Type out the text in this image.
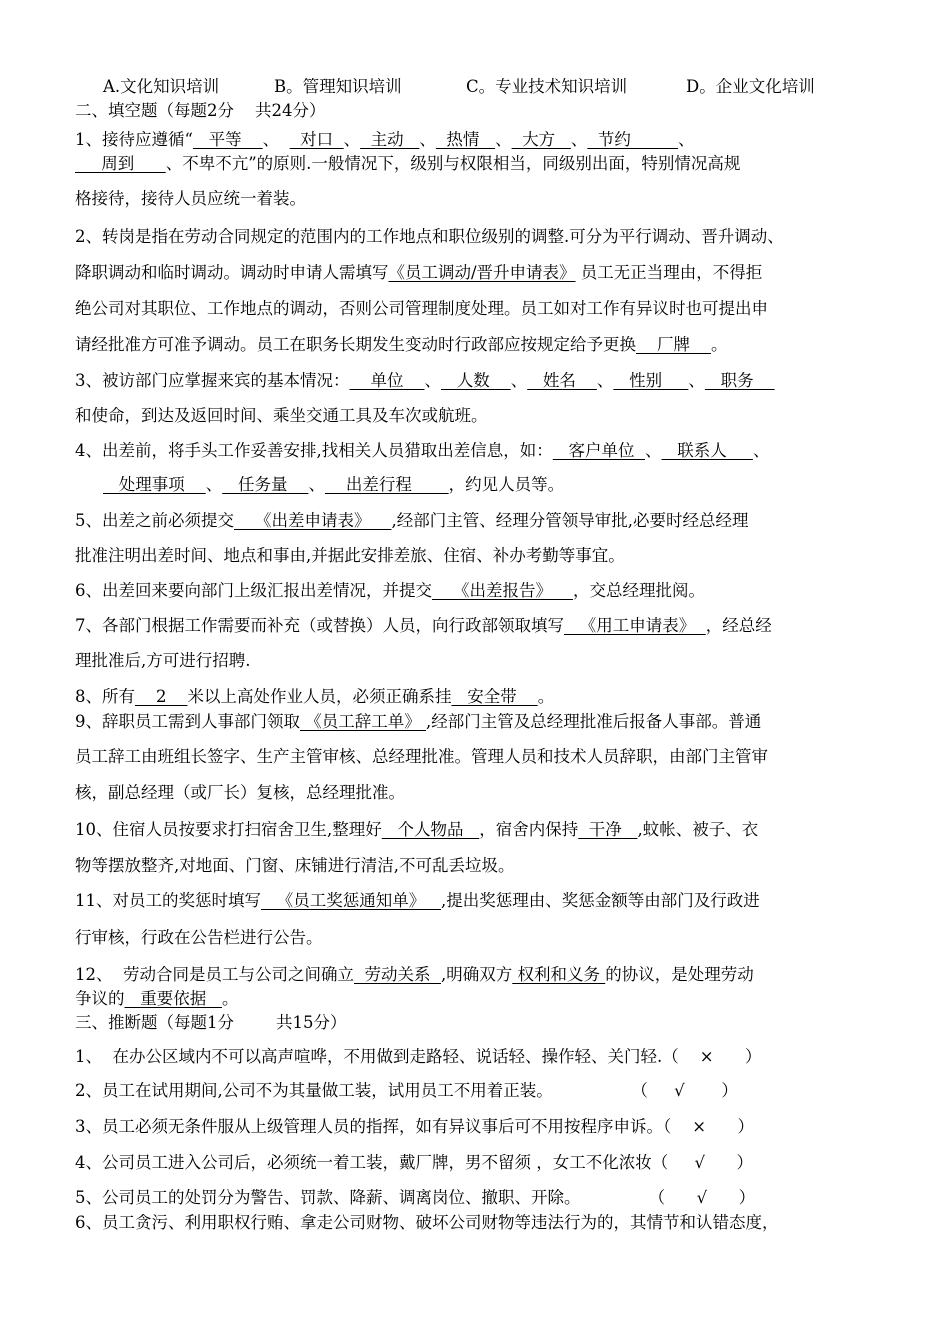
A.文化知识培训	B。管理知识培训	C。专业技术知识培训	D。企业文化培训
二、填空题（每题2分    共24分）
1、接待应遵循“   平等    、    对口  、  主动   、  热情   、  大方   、  节约         、
周到      、不卑不亢”的原则.一般情况下，级别与权限相当，同级别出面，特别情况高规
格接待，接待人员应统一着装。
2、转岗是指在劳动合同规定的范围内的工作地点和职位级别的调整.可分为平行调动、晋升调动、
降职调动和临时调动。调动时申请人需填写《员工调动/晋升申请表》 员工无正当理由，不得拒
绝公司对其职位、工作地点的调动，否则公司管理制度处理。员工如对工作有异议时也可提出申
请经批准方可准予调动。员工在职务长期发生变动时行政部应按规定给予更换    厂牌    。
3、被访部门应掌握来宾的基本情况：    单位    、   人数    、   姓名    、   性别     、   职务
和使命，到达及返回时间、乘坐交通工具及车次或航班。
4、出差前，将手头工作妥善安排,找相关人员猎取出差信息，如：   客户单位  、   联系人     、
处理事项    、   任务量    、    出差行程       ，约见人员等。
5、出差之前必须提交    《出差申请表》    ,经部门主管、经理分管领导审批,必要时经总经理
批准注明出差时间、地点和事由,并据此安排差旅、住宿、补办考勤等事宜。
6、出差回来要向部门上级汇报出差情况，并提交    《出差报告》    ，交总经理批阅。
7、各部门根据工作需要而补充（或替换）人员，向行政部领取填写   《用工申请表》  ，经总经
理批准后,方可进行招聘.
8、所有    2    米以上高处作业人员，必须正确系挂   安全带    。
9、辞职员工需到人事部门领取 《员工辞工单》 ,经部门主管及总经理批准后报备人事部。普通
员工辞工由班组长签字、生产主管审核、总经理批准。管理人员和技术人员辞职，由部门主管审
核，副总经理（或厂长）复核，总经理批准。
10、住宿人员按要求打扫宿舍卫生,整理好   个人物品   ，宿舍内保持  干净   ,蚊帐、被子、衣
物等摆放整齐,对地面、门窗、床铺进行清洁,不可乱丢垃圾。
11、对员工的奖惩时填写   《员工奖惩通知单》   ,提出奖惩理由、奖惩金额等由部门及行政进
行审核，行政在公告栏进行公告。
12、  劳动合同是员工与公司之间确立  劳动关系  ,明确双方 权利和义务 的协议，是处理劳动
争议的   重要依据   。
三、推断题（每题1分        共15分）
1、  在办公区域内不可以高声喧哗，不用做到走路轻、说话轻、操作轻、关门轻.（    ×      ）
2、员工在试用期间,公司不为其量做工装，试用员工不用着正装。               （     √       ）
3、员工必须无条件服从上级管理人员的指挥，如有异议事后可不用按程序申诉。（    ×      ）
4、公司员工进入公司后，必须统一着工装，戴厂牌，男不留须 ，女工不化浓妆（     √      ）
5、公司员工的处罚分为警告、罚款、降薪、调离岗位、撤职、开除。             （      √      ）
6、员工贪污、利用职权行贿、拿走公司财物、破坏公司财物等违法行为的，其情节和认错态度，
